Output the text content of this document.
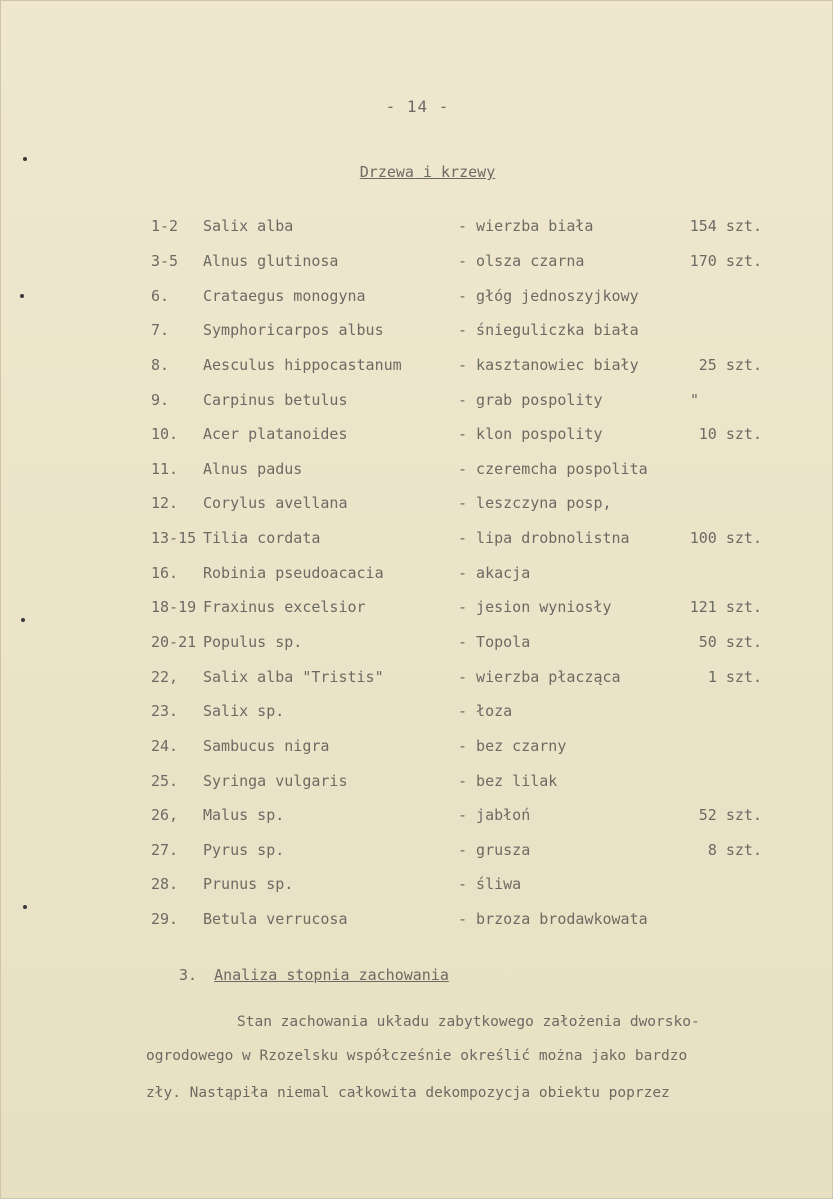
- 14 -
Drzewa i krzewy
1-2 Salix alba	- wierzba biała	154 szt.
3-5 Alnus glutinosa	- olsza czarna	170 szt.
6. Crataegus monogyna	- głóg jednoszyjkowy
7. Symphoricarpos albus	- śnieguliczka biała
8. Aesculus hippocastanum	- kasztanowiec biały	25 szt.
9. Carpinus betulus	- grab pospolity	"
10. Acer platanoides	- klon pospolity	10 szt.
11. Alnus padus	- czeremcha pospolita
12. Corylus avellana	- leszczyna posp,
13-15 Tilia cordata	- lipa drobnolistna	100 szt.
16. Robinia pseudoacacia	- akacja
18-19 Fraxinus excelsior	- jesion wyniosły	121 szt.
20-21 Populus sp.	- Topola	50 szt.
22, Salix alba "Tristis"	- wierzba płacząca	1 szt.
23. Salix sp.	- łoza
24. Sambucus nigra	- bez czarny
25. Syringa vulgaris	- bez lilak
26, Malus sp.	- jabłoń	52 szt.
27. Pyrus sp.	- grusza	8 szt.
28. Prunus sp.	- śliwa
29. Betula verrucosa	- brzoza brodawkowata
3. Analiza stopnia zachowania
Stan zachowania układu zabytkowego założenia dworsko-
ogrodowego w Rzozelsku współcześnie określić można jako bardzo
zły. Nastąpiła niemal całkowita dekompozycja obiektu poprzez
